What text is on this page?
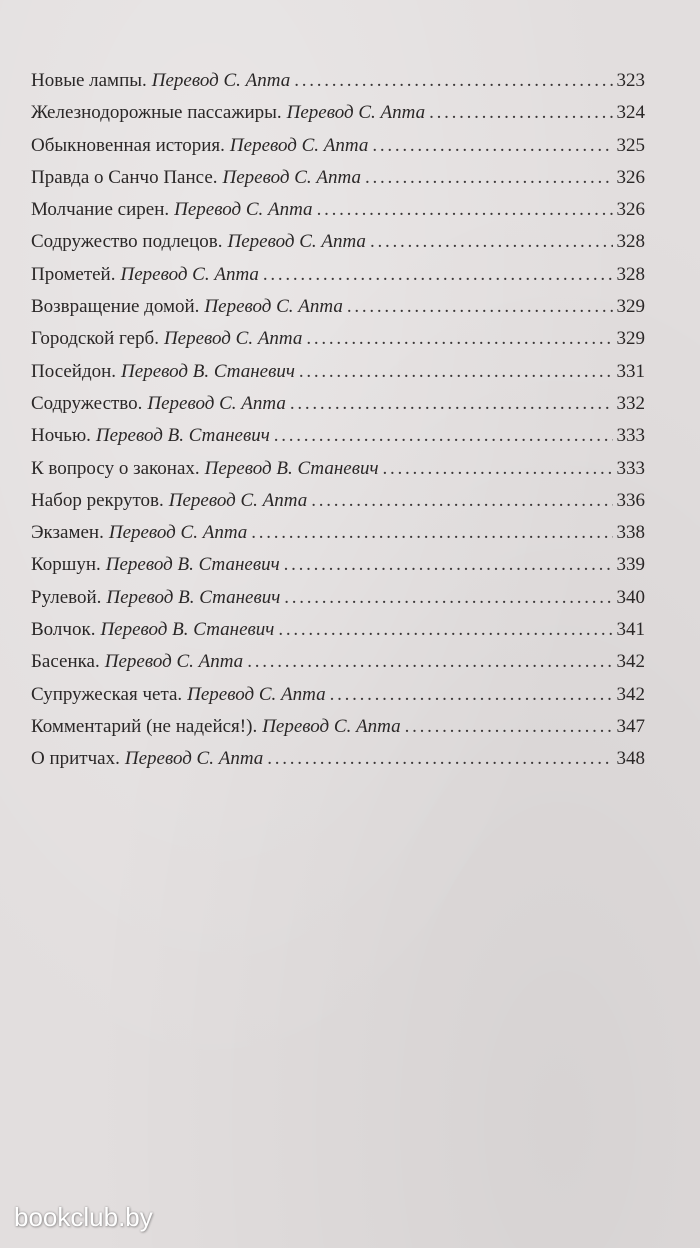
Новые лампы. Перевод С. Апта . . .	323
Железнодорожные пассажиры. Перевод С. Апта . . .	324
Обыкновенная история. Перевод С. Апта . . .	325
Правда о Санчо Пансе. Перевод С. Апта . . .	326
Молчание сирен. Перевод С. Апта . . .	326
Содружество подлецов. Перевод С. Апта . . .	328
Прометей. Перевод С. Апта . . .	328
Возвращение домой. Перевод С. Апта . . .	329
Городской герб. Перевод С. Апта . . .	329
Посейдон. Перевод В. Станевич . . .	331
Содружество. Перевод С. Апта . . .	332
Ночью. Перевод В. Станевич . . .	333
К вопросу о законах. Перевод В. Станевич . . .	333
Набор рекрутов. Перевод С. Апта . . .	336
Экзамен. Перевод С. Апта . . .	338
Коршун. Перевод В. Станевич . . .	339
Рулевой. Перевод В. Станевич . . .	340
Волчок. Перевод В. Станевич . . .	341
Басенка. Перевод С. Апта . . .	342
Супружеская чета. Перевод С. Апта . . .	342
Комментарий (не надейся!). Перевод С. Апта . . .	347
О притчах. Перевод С. Апта . . .	348
bookclub.by
